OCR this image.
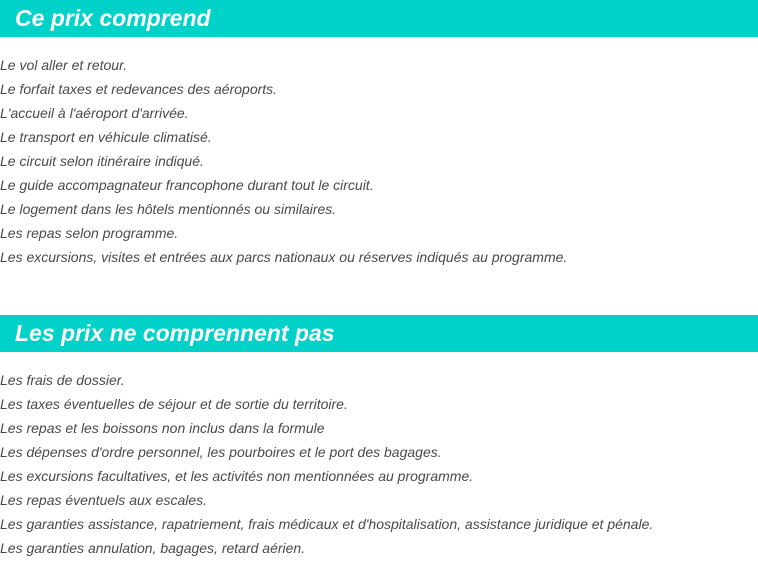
Ce prix comprend
Le vol aller et retour.
Le forfait taxes et redevances des aéroports.
L'accueil à l'aéroport d'arrivée.
Le transport en véhicule climatisé.
Le circuit selon itinéraire indiqué.
Le guide accompagnateur francophone durant tout le circuit.
Le logement dans les hôtels mentionnés ou similaires.
Les repas selon programme.
Les excursions, visites et entrées aux parcs nationaux ou réserves indiqués au programme.
Les prix ne comprennent pas
Les frais de dossier.
Les taxes éventuelles de séjour et de sortie du territoire.
Les repas et les boissons non inclus dans la formule
Les dépenses d'ordre personnel, les pourboires et le port des bagages.
Les excursions facultatives, et les activités non mentionnées au programme.
Les repas éventuels aux escales.
Les garanties assistance, rapatriement, frais médicaux et d'hospitalisation, assistance juridique et pénale.
Les garanties annulation, bagages, retard aérien.
